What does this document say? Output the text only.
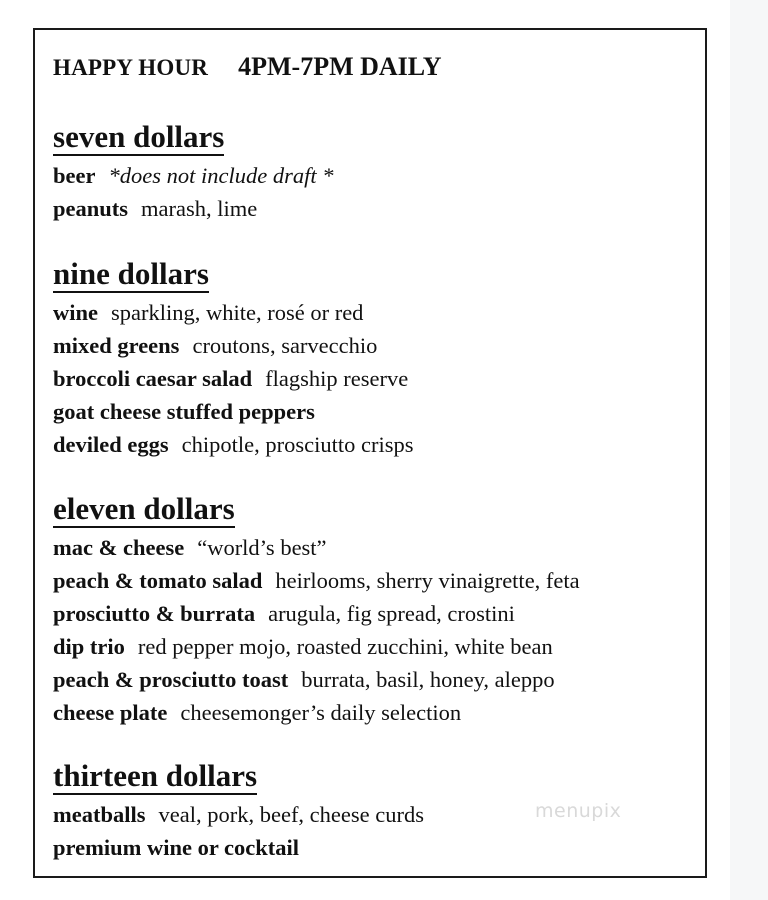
HAPPY HOUR 4PM-7PM DAILY
seven dollars
beer *does not include draft *
peanuts marash, lime
nine dollars
wine sparkling, white, rosé or red
mixed greens croutons, sarvecchio
broccoli caesar salad flagship reserve
goat cheese stuffed peppers
deviled eggs chipotle, prosciutto crisps
eleven dollars
mac & cheese “world’s best”
peach & tomato salad heirlooms, sherry vinaigrette, feta
prosciutto & burrata arugula, fig spread, crostini
dip trio red pepper mojo, roasted zucchini, white bean
peach & prosciutto toast burrata, basil, honey, aleppo
cheese plate cheesemonger’s daily selection
thirteen dollars
meatballs veal, pork, beef, cheese curds
premium wine or cocktail
menupix
